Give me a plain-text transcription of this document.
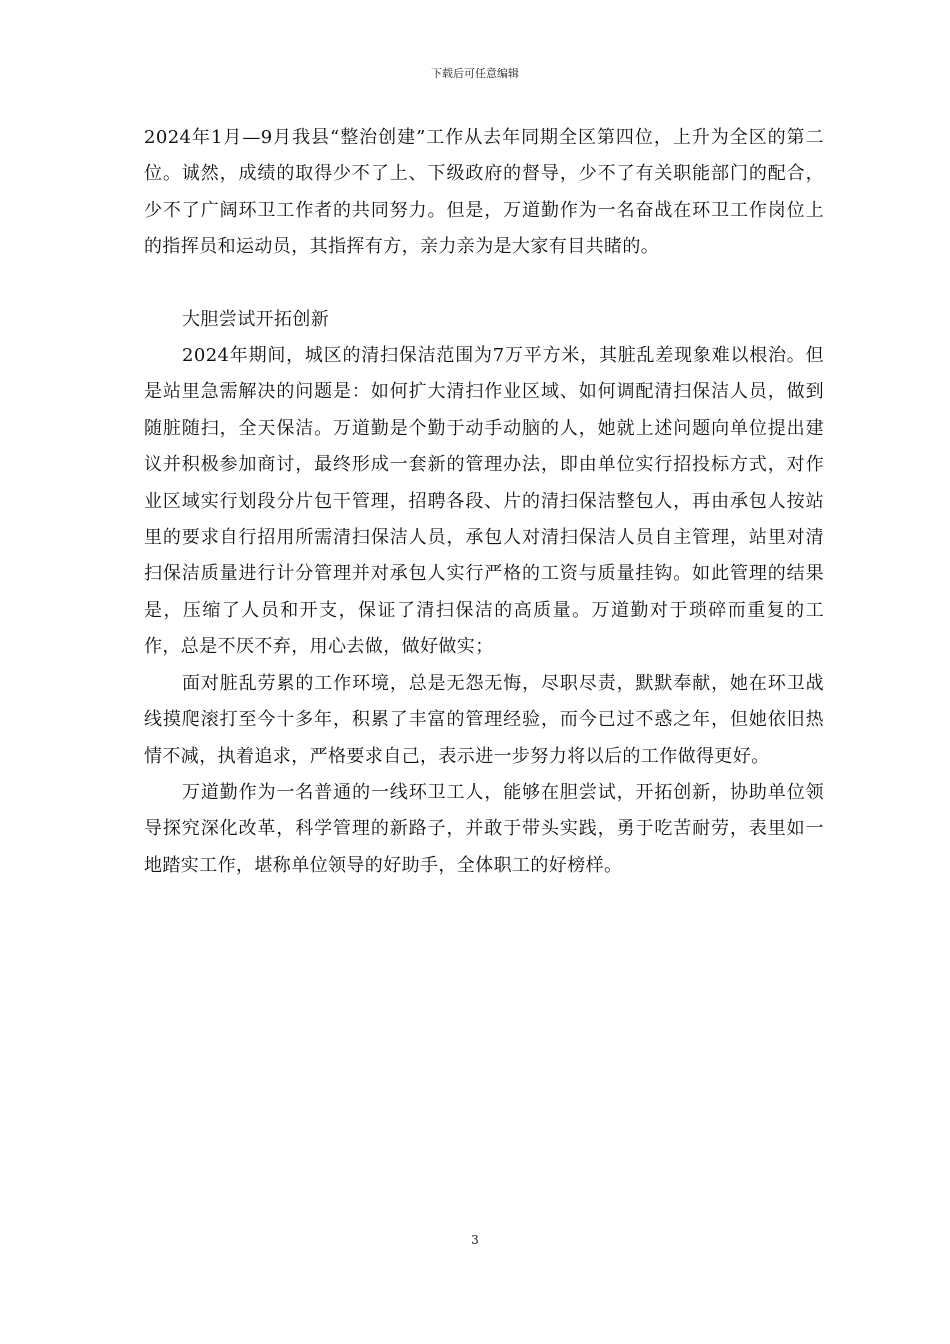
下载后可任意编辑

2024年1月—9月我县“整治创建”工作从去年同期全区第四位，上升为全区的第二位。诚然，成绩的取得少不了上、下级政府的督导，少不了有关职能部门的配合，少不了广阔环卫工作者的共同努力。但是，万道勤作为一名奋战在环卫工作岗位上的指挥员和运动员，其指挥有方，亲力亲为是大家有目共睹的。

大胆尝试开拓创新

2024年期间，城区的清扫保洁范围为7万平方米，其脏乱差现象难以根治。但是站里急需解决的问题是：如何扩大清扫作业区域、如何调配清扫保洁人员，做到随脏随扫，全天保洁。万道勤是个勤于动手动脑的人，她就上述问题向单位提出建议并积极参加商讨，最终形成一套新的管理办法，即由单位实行招投标方式，对作业区域实行划段分片包干管理，招聘各段、片的清扫保洁整包人，再由承包人按站里的要求自行招用所需清扫保洁人员，承包人对清扫保洁人员自主管理，站里对清扫保洁质量进行计分管理并对承包人实行严格的工资与质量挂钩。如此管理的结果是，压缩了人员和开支，保证了清扫保洁的高质量。万道勤对于琐碎而重复的工作，总是不厌不弃，用心去做，做好做实；

面对脏乱劳累的工作环境，总是无怨无悔，尽职尽责，默默奉献，她在环卫战线摸爬滚打至今十多年，积累了丰富的管理经验，而今已过不惑之年，但她依旧热情不减，执着追求，严格要求自己，表示进一步努力将以后的工作做得更好。

万道勤作为一名普通的一线环卫工人，能够在胆尝试，开拓创新，协助单位领导探究深化改革，科学管理的新路子，并敢于带头实践，勇于吃苦耐劳，表里如一地踏实工作，堪称单位领导的好助手，全体职工的好榜样。

3
